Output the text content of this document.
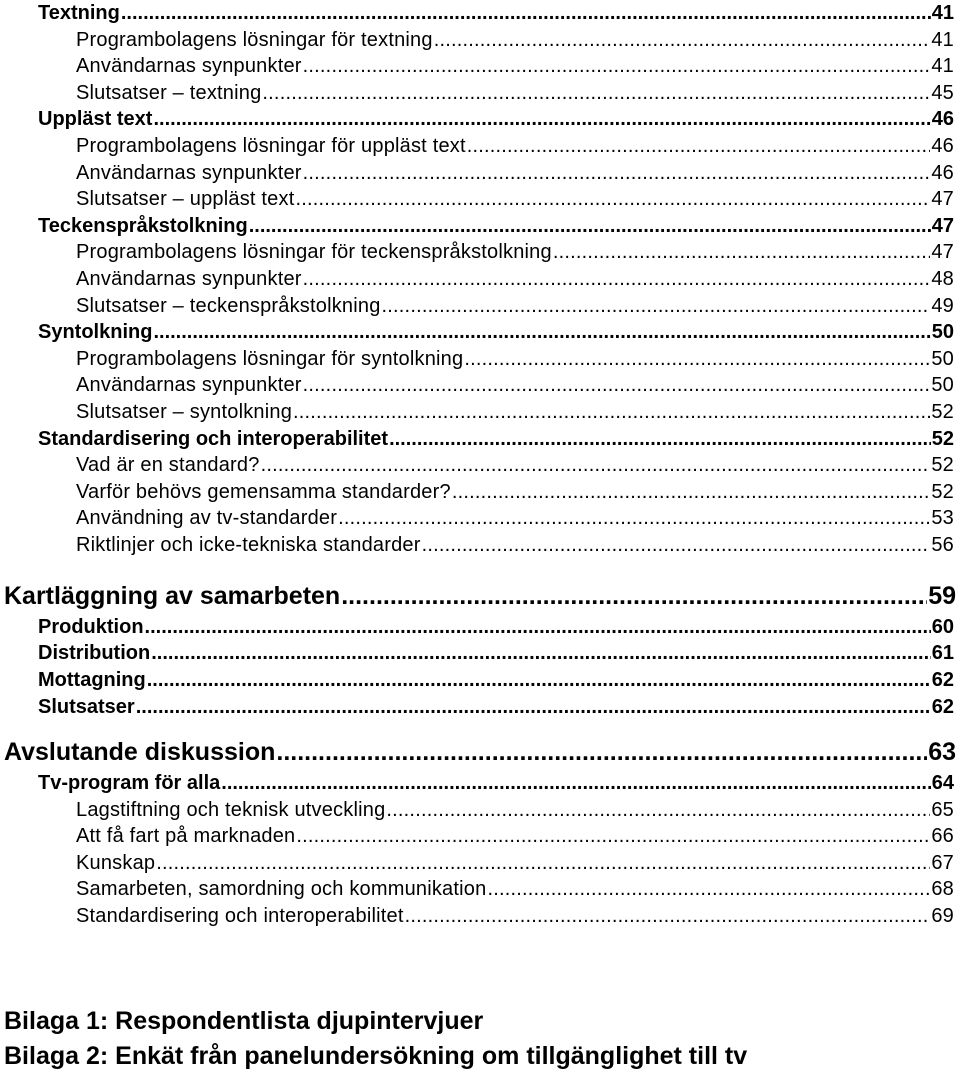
Textning .....	41
Programbolagens lösningar för textning .....	41
Användarnas synpunkter .....	41
Slutsatser – textning .....	45
Uppläst text .....	46
Programbolagens lösningar för uppläst text .....	46
Användarnas synpunkter .....	46
Slutsatser – uppläst text .....	47
Teckenspråkstolkning .....	47
Programbolagens lösningar för teckenspråkstolkning .....	47
Användarnas synpunkter .....	48
Slutsatser – teckenspråkstolkning .....	49
Syntolkning .....	50
Programbolagens lösningar för syntolkning .....	50
Användarnas synpunkter .....	50
Slutsatser – syntolkning .....	52
Standardisering och interoperabilitet .....	52
Vad är en standard? .....	52
Varför behövs gemensamma standarder? .....	52
Användning av tv-standarder .....	53
Riktlinjer och icke-tekniska standarder .....	56
Kartläggning av samarbeten .....	59
Produktion .....	60
Distribution .....	61
Mottagning .....	62
Slutsatser .....	62
Avslutande diskussion .....	63
Tv-program för alla .....	64
Lagstiftning och teknisk utveckling .....	65
Att få fart på marknaden .....	66
Kunskap .....	67
Samarbeten, samordning och kommunikation .....	68
Standardisering och interoperabilitet .....	69
Bilaga 1: Respondentlista djupintervjuer
Bilaga 2: Enkät från panelundersökning om tillgänglighet till tv
